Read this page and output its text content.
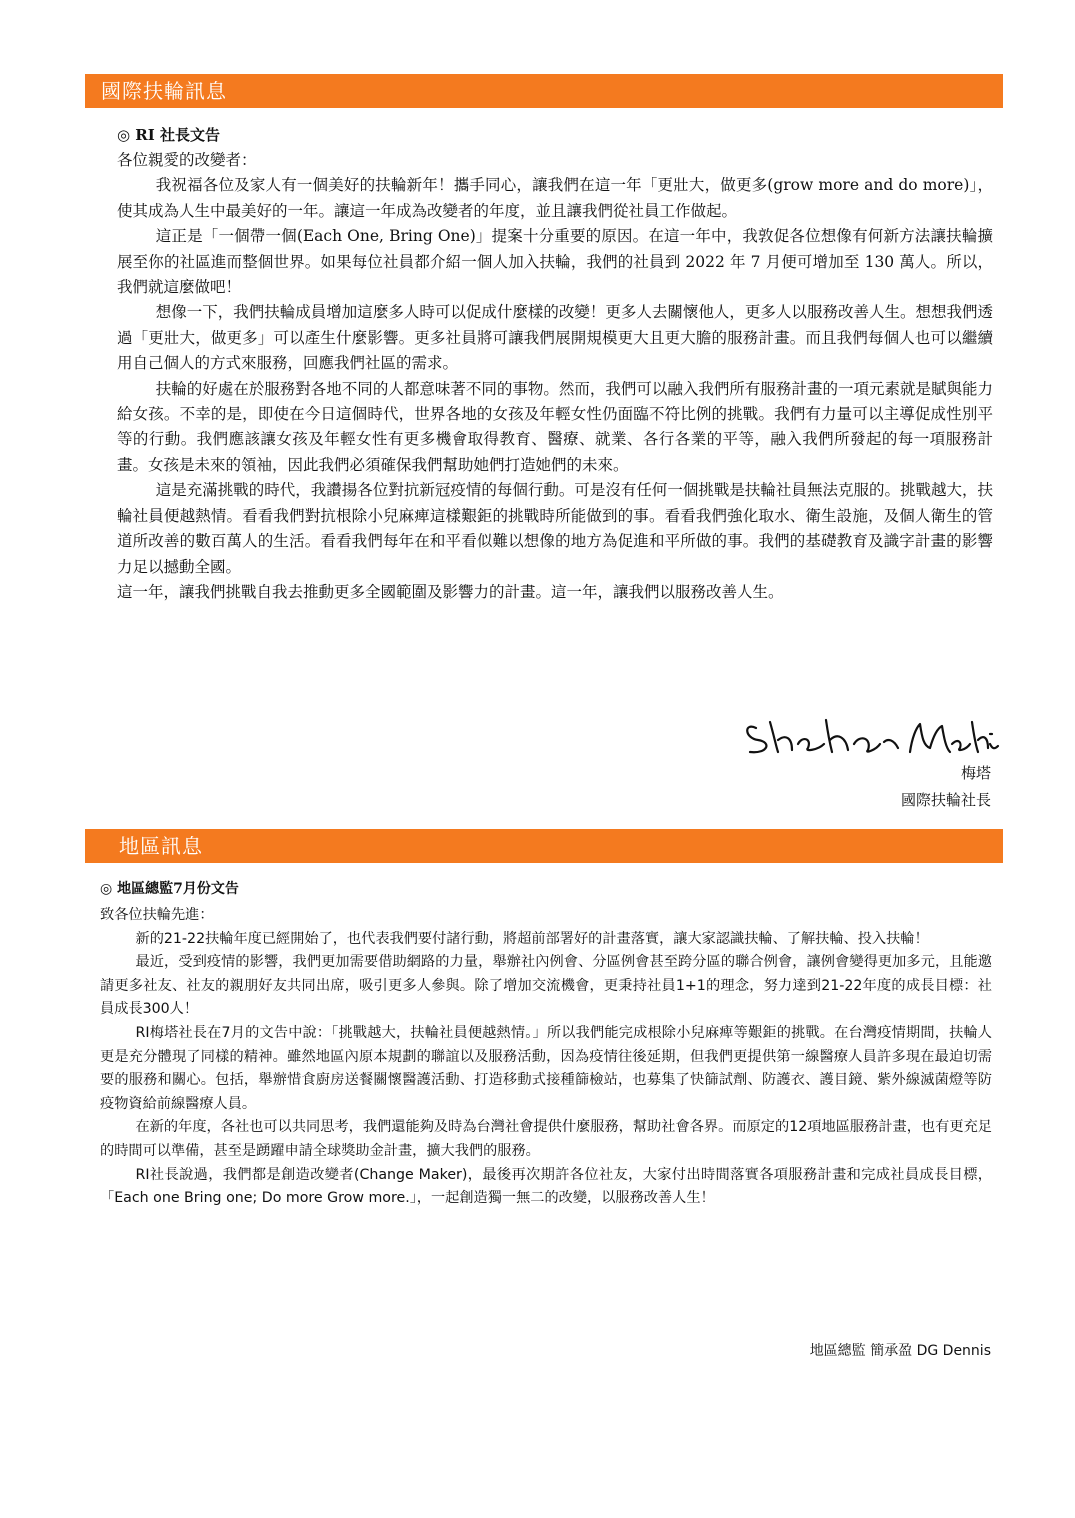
國際扶輪訊息
◎ RI 社長文告

各位親愛的改變者：

我祝福各位及家人有一個美好的扶輪新年！攜手同心，讓我們在這一年「更壯大，做更多(grow more and do more)」，使其成為人生中最美好的一年。讓這一年成為改變者的年度，並且讓我們從社員工作做起。

這正是「一個帶一個(Each One, Bring One)」提案十分重要的原因。在這一年中，我敦促各位想像有何新方法讓扶輪擴展至你的社區進而整個世界。如果每位社員都介紹一個人加入扶輪，我們的社員到 2022 年 7 月便可增加至 130 萬人。所以，我們就這麼做吧！

想像一下，我們扶輪成員增加這麼多人時可以促成什麼樣的改變！更多人去關懷他人，更多人以服務改善人生。想想我們透過「更壯大，做更多」可以產生什麼影響。更多社員將可讓我們展開規模更大且更大膽的服務計畫。而且我們每個人也可以繼續用自己個人的方式來服務，回應我們社區的需求。

扶輪的好處在於服務對各地不同的人都意味著不同的事物。然而，我們可以融入我們所有服務計畫的一項元素就是賦與能力給女孩。不幸的是，即使在今日這個時代，世界各地的女孩及年輕女性仍面臨不符比例的挑戰。我們有力量可以主導促成性別平等的行動。我們應該讓女孩及年輕女性有更多機會取得教育、醫療、就業、各行各業的平等，融入我們所發起的每一項服務計畫。女孩是未來的領袖，因此我們必須確保我們幫助她們打造她們的未來。

這是充滿挑戰的時代，我讚揚各位對抗新冠疫情的每個行動。可是沒有任何一個挑戰是扶輪社員無法克服的。挑戰越大，扶輪社員便越熱情。看看我們對抗根除小兒麻痺這樣艱鉅的挑戰時所能做到的事。看看我們強化取水、衛生設施，及個人衛生的管道所改善的數百萬人的生活。看看我們每年在和平看似難以想像的地方為促進和平所做的事。我們的基礎教育及識字計畫的影響力足以撼動全國。

這一年，讓我們挑戰自我去推動更多全國範圍及影響力的計畫。這一年，讓我們以服務改善人生。

梅塔
國際扶輪社長
地區訊息
◎ 地區總監7月份文告

致各位扶輪先進：

新的21-22扶輪年度已經開始了，也代表我們要付諸行動，將超前部署好的計畫落實，讓大家認識扶輪、了解扶輪、投入扶輪！

最近，受到疫情的影響，我們更加需要借助網路的力量，舉辦社內例會、分區例會甚至跨分區的聯合例會，讓例會變得更加多元，且能邀請更多社友、社友的親朋好友共同出席，吸引更多人參與。除了增加交流機會，更秉持社員1+1的理念，努力達到21-22年度的成長目標：社員成長300人！

RI梅塔社長在7月的文告中說：「挑戰越大，扶輪社員便越熱情。」所以我們能完成根除小兒麻痺等艱鉅的挑戰。在台灣疫情期間，扶輪人更是充分體現了同樣的精神。雖然地區內原本規劃的聯誼以及服務活動，因為疫情往後延期，但我們更提供第一線醫療人員許多現在最迫切需要的服務和關心。包括，舉辦惜食廚房送餐關懷醫護活動、打造移動式接種篩檢站，也募集了快篩試劑、防護衣、護目鏡、紫外線滅菌燈等防疫物資給前線醫療人員。

在新的年度，各社也可以共同思考，我們還能夠及時為台灣社會提供什麼服務，幫助社會各界。而原定的12項地區服務計畫，也有更充足的時間可以準備，甚至是踴躍申請全球獎助金計畫，擴大我們的服務。

RI社長說過，我們都是創造改變者(Change Maker)，最後再次期許各位社友，大家付出時間落實各項服務計畫和完成社員成長目標，「Each one Bring one; Do more Grow more.」，一起創造獨一無二的改變，以服務改善人生！

地區總監 簡承盈 DG Dennis
